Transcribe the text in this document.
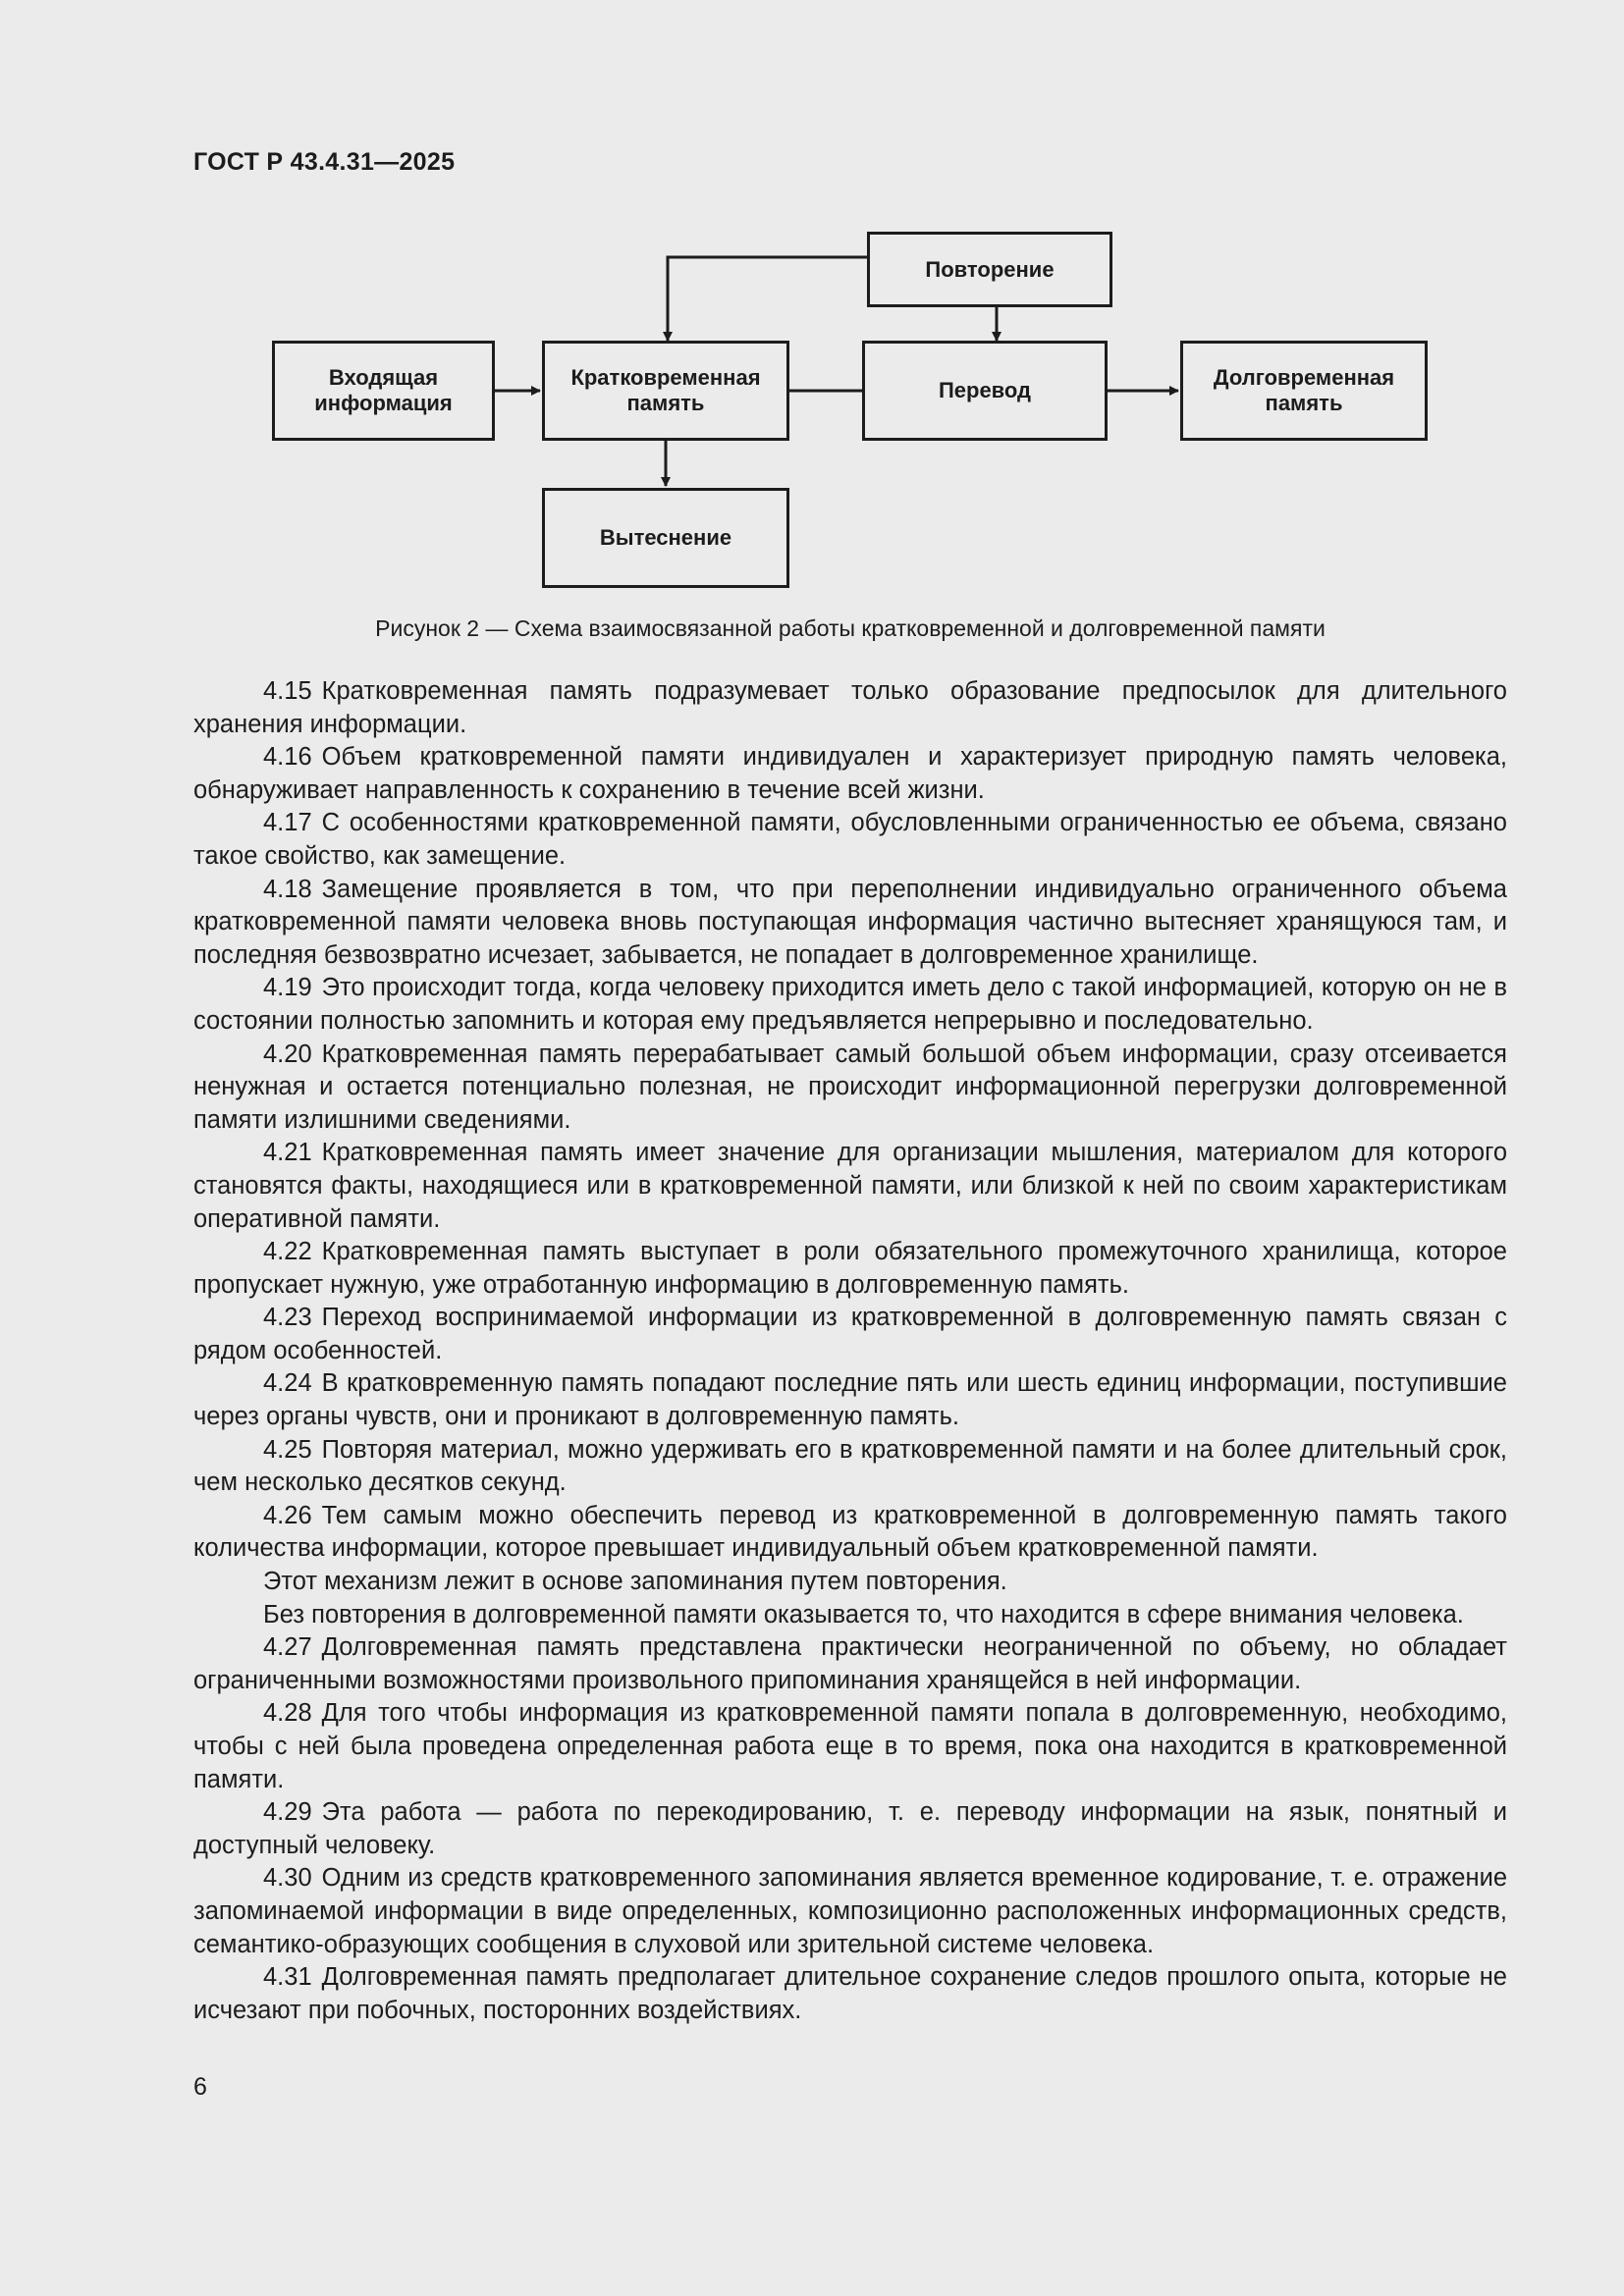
ГОСТ Р 43.4.31—2025
Повторение
Входящая
информация
Кратковременная
память
Перевод
Долговременная
память
Вытеснение
Рисунок 2 — Схема взаимосвязанной работы кратковременной и долговременной памяти

4.15 Кратковременная память подразумевает только образование предпосылок для длительного хранения информации.

4.16 Объем кратковременной памяти индивидуален и характеризует природную память человека, обнаруживает направленность к сохранению в течение всей жизни.

4.17 С особенностями кратковременной памяти, обусловленными ограниченностью ее объема, связано такое свойство, как замещение.

4.18 Замещение проявляется в том, что при переполнении индивидуально ограниченного объема кратковременной памяти человека вновь поступающая информация частично вытесняет хранящуюся там, и последняя безвозвратно исчезает, забывается, не попадает в долговременное хранилище.

4.19 Это происходит тогда, когда человеку приходится иметь дело с такой информацией, которую он не в состоянии полностью запомнить и которая ему предъявляется непрерывно и последовательно.

4.20 Кратковременная память перерабатывает самый большой объем информации, сразу отсеивается ненужная и остается потенциально полезная, не происходит информационной перегрузки долговременной памяти излишними сведениями.

4.21 Кратковременная память имеет значение для организации мышления, материалом для которого становятся факты, находящиеся или в кратковременной памяти, или близкой к ней по своим характеристикам оперативной памяти.

4.22 Кратковременная память выступает в роли обязательного промежуточного хранилища, которое пропускает нужную, уже отработанную информацию в долговременную память.

4.23 Переход воспринимаемой информации из кратковременной в долговременную память связан с рядом особенностей.

4.24 В кратковременную память попадают последние пять или шесть единиц информации, поступившие через органы чувств, они и проникают в долговременную память.

4.25 Повторяя материал, можно удерживать его в кратковременной памяти и на более длительный срок, чем несколько десятков секунд.

4.26 Тем самым можно обеспечить перевод из кратковременной в долговременную память такого количества информации, которое превышает индивидуальный объем кратковременной памяти.

Этот механизм лежит в основе запоминания путем повторения.

Без повторения в долговременной памяти оказывается то, что находится в сфере внимания человека.

4.27 Долговременная память представлена практически неограниченной по объему, но обладает ограниченными возможностями произвольного припоминания хранящейся в ней информации.

4.28 Для того чтобы информация из кратковременной памяти попала в долговременную, необходимо, чтобы с ней была проведена определенная работа еще в то время, пока она находится в кратковременной памяти.

4.29 Эта работа — работа по перекодированию, т. е. переводу информации на язык, понятный и доступный человеку.

4.30 Одним из средств кратковременного запоминания является временное кодирование, т. е. отражение запоминаемой информации в виде определенных, композиционно расположенных информационных средств, семантико-образующих сообщения в слуховой или зрительной системе человека.

4.31 Долговременная память предполагает длительное сохранение следов прошлого опыта, которые не исчезают при побочных, посторонних воздействиях.

6
